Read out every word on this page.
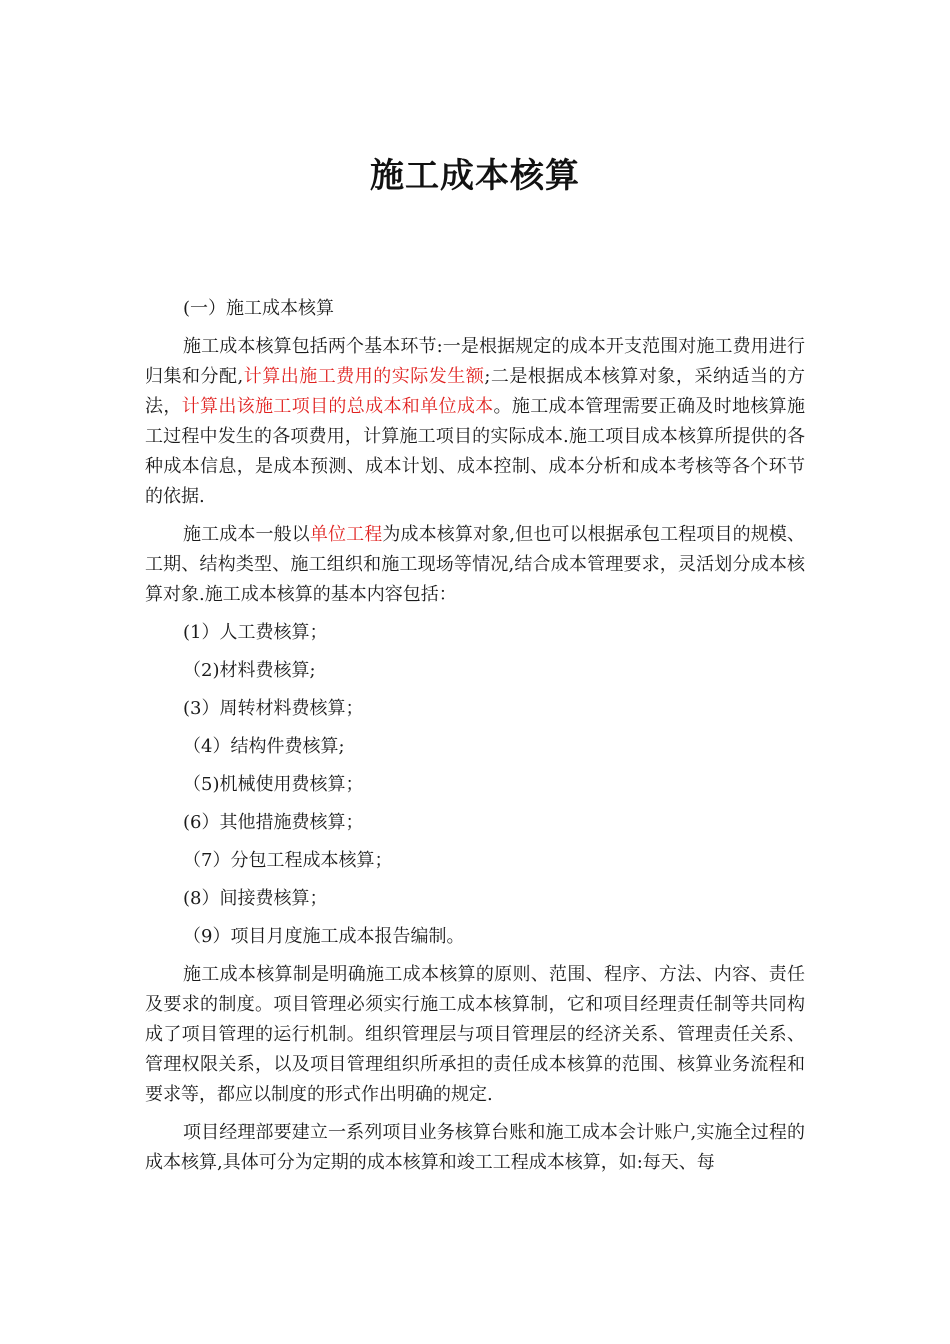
施工成本核算
(一）施工成本核算

施工成本核算包括两个基本环节:一是根据规定的成本开支范围对施工费用进行归集和分配,计算出施工费用的实际发生额;二是根据成本核算对象，采纳适当的方法，计算出该施工项目的总成本和单位成本。施工成本管理需要正确及时地核算施工过程中发生的各项费用，计算施工项目的实际成本.施工项目成本核算所提供的各种成本信息，是成本预测、成本计划、成本控制、成本分析和成本考核等各个环节的依据.

施工成本一般以单位工程为成本核算对象,但也可以根据承包工程项目的规模、工期、结构类型、施工组织和施工现场等情况,结合成本管理要求，灵活划分成本核算对象.施工成本核算的基本内容包括：

(1）人工费核算；
（2)材料费核算;
(3）周转材料费核算；
（4）结构件费核算;
（5)机械使用费核算；
(6）其他措施费核算；
（7）分包工程成本核算；
(8）间接费核算；
（9）项目月度施工成本报告编制。

施工成本核算制是明确施工成本核算的原则、范围、程序、方法、内容、责任及要求的制度。项目管理必须实行施工成本核算制，它和项目经理责任制等共同构成了项目管理的运行机制。组织管理层与项目管理层的经济关系、管理责任关系、管理权限关系，以及项目管理组织所承担的责任成本核算的范围、核算业务流程和要求等，都应以制度的形式作出明确的规定.

项目经理部要建立一系列项目业务核算台账和施工成本会计账户,实施全过程的成本核算,具体可分为定期的成本核算和竣工工程成本核算，如:每天、每
